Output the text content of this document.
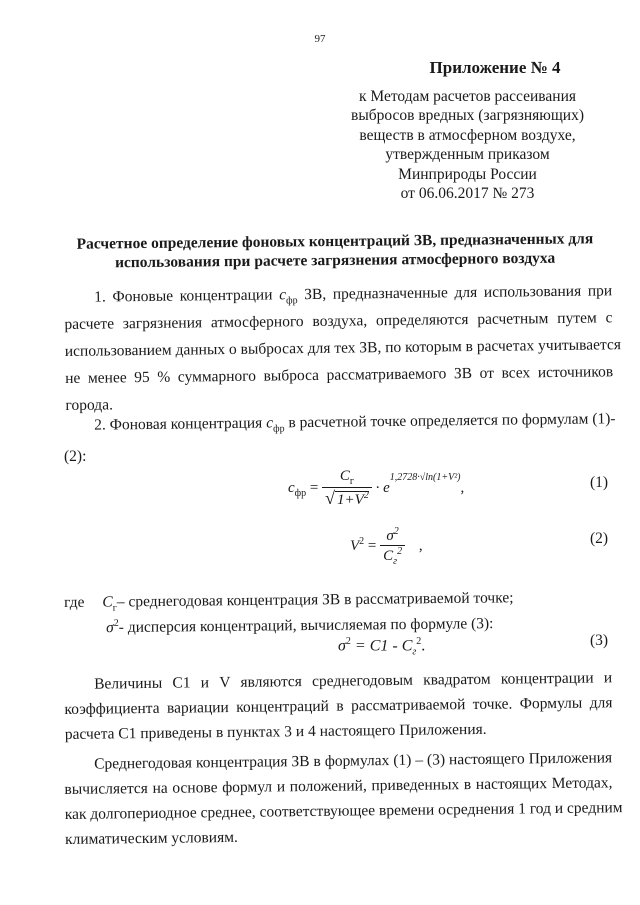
97
Приложение № 4
к Методам расчетов рассеивания
выбросов вредных (загрязняющих)
веществ в атмосферном воздухе,
утвержденным приказом
Минприроды России
от 06.06.2017 № 273
Расчетное определение фоновых концентраций ЗВ, предназначенных для
использования при расчете загрязнения атмосферного воздуха
1. Фоновые концентрации $c_{фр}$ ЗВ, предназначенные для использования при
расчете загрязнения атмосферного воздуха, определяются расчетным путем с
использованием данных о выбросах для тех ЗВ, по которым в расчетах учитывается
не менее 95 % суммарного выброса рассматриваемого ЗВ от всех источников
города.
2. Фоновая концентрация $c_{фр}$ в расчетной точке определяется по формулам (1)-
(2):
$c_{фр} = \frac{C_г}{√ 1+V^2} \cdot e^{1,2728\cdot√ln(1+V^2)}$,	(1)
$V^2 = \frac{\sigma^2}{C_г^2}$ ,	(2)
где $C_г-$ среднегодовая концентрация ЗВ в рассматриваемой точке;
$\sigma^2-$ дисперсия концентраций, вычисляемая по формуле (3):
$\sigma^2 = C1 - C_г^2$.	(3)
Величины С1 и V являются среднегодовым квадратом концентрации и
коэффициента вариации концентраций в рассматриваемой точке. Формулы для
расчета С1 приведены в пунктах 3 и 4 настоящего Приложения.
Среднегодовая концентрация ЗВ в формулах (1) – (3) настоящего Приложения
вычисляется на основе формул и положений, приведенных в настоящих Методах,
как долгопериодное среднее, соответствующее времени осреднения 1 год и средним
климатическим условиям.
